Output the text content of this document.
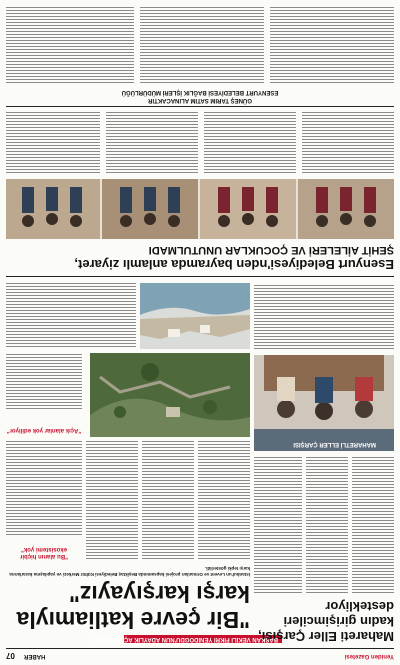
Yeniden Gazetesi
HABER
07
BAŞKAN VEKİLİ FİKRİ YENİDOĞDU'NUN ADAYLIK AÇIKLAMASI
"Bir çevre katliamıyla
karşı karşıyayız"
İstanbul'un Levent ve Ormanları projesi kapsamında Beşiktaş Belediyesi Kültür Merkezi ve yapılaşma kararlarına karşı tepki gösterildi.
"Bu alanın hiçbir ekosistemi yok"
"Açık alanlar yok ediliyor"
Mahareti Eller Çarşısı,
kadın girişimcileri
destekliyor
MAHARETLİ ELLER ÇARŞISI
Esenyurt Belediyesi'nden bayramda anlamlı ziyaret,
ŞEHİT AİLELERİ VE ÇOCUKLAR UNUTULMADI
GÜNEŞ TARIM SATIM ALINACAKTIR
ESENYURT BELEDİYESİ BAĞLIK İŞLERİ MÜDÜRLÜĞÜ
